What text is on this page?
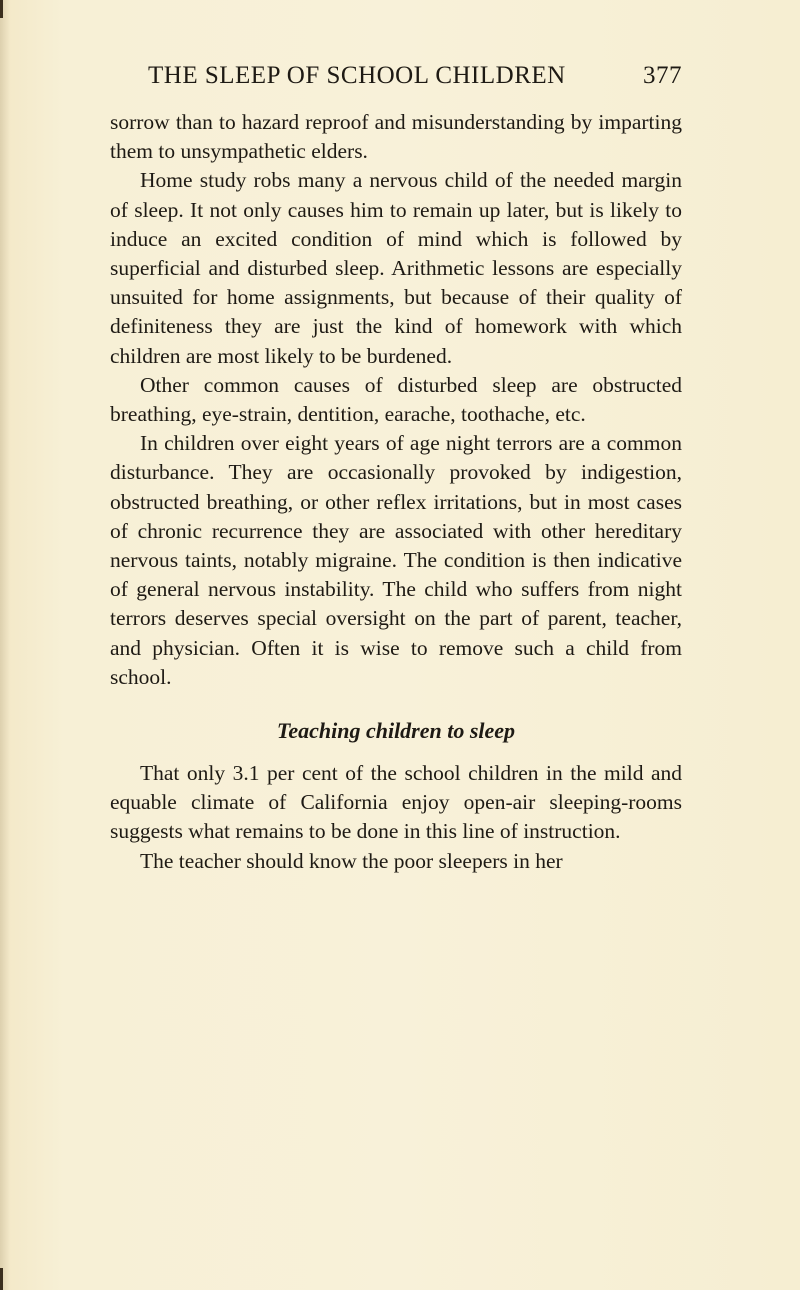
THE SLEEP OF SCHOOL CHILDREN	377

sorrow than to hazard reproof and misunderstanding by imparting them to unsympathetic elders.

Home study robs many a nervous child of the needed margin of sleep. It not only causes him to remain up later, but is likely to induce an excited condition of mind which is followed by superficial and disturbed sleep. Arithmetic lessons are especially unsuited for home assignments, but because of their quality of definiteness they are just the kind of homework with which children are most likely to be burdened.

Other common causes of disturbed sleep are obstructed breathing, eye-strain, dentition, earache, toothache, etc.

In children over eight years of age night terrors are a common disturbance. They are occasionally provoked by indigestion, obstructed breathing, or other reflex irritations, but in most cases of chronic recurrence they are associated with other hereditary nervous taints, notably migraine. The condition is then indicative of general nervous instability. The child who suffers from night terrors deserves special oversight on the part of parent, teacher, and physician. Often it is wise to remove such a child from school.

Teaching children to sleep

That only 3.1 per cent of the school children in the mild and equable climate of California enjoy open-air sleeping-rooms suggests what remains to be done in this line of instruction.

The teacher should know the poor sleepers in her
